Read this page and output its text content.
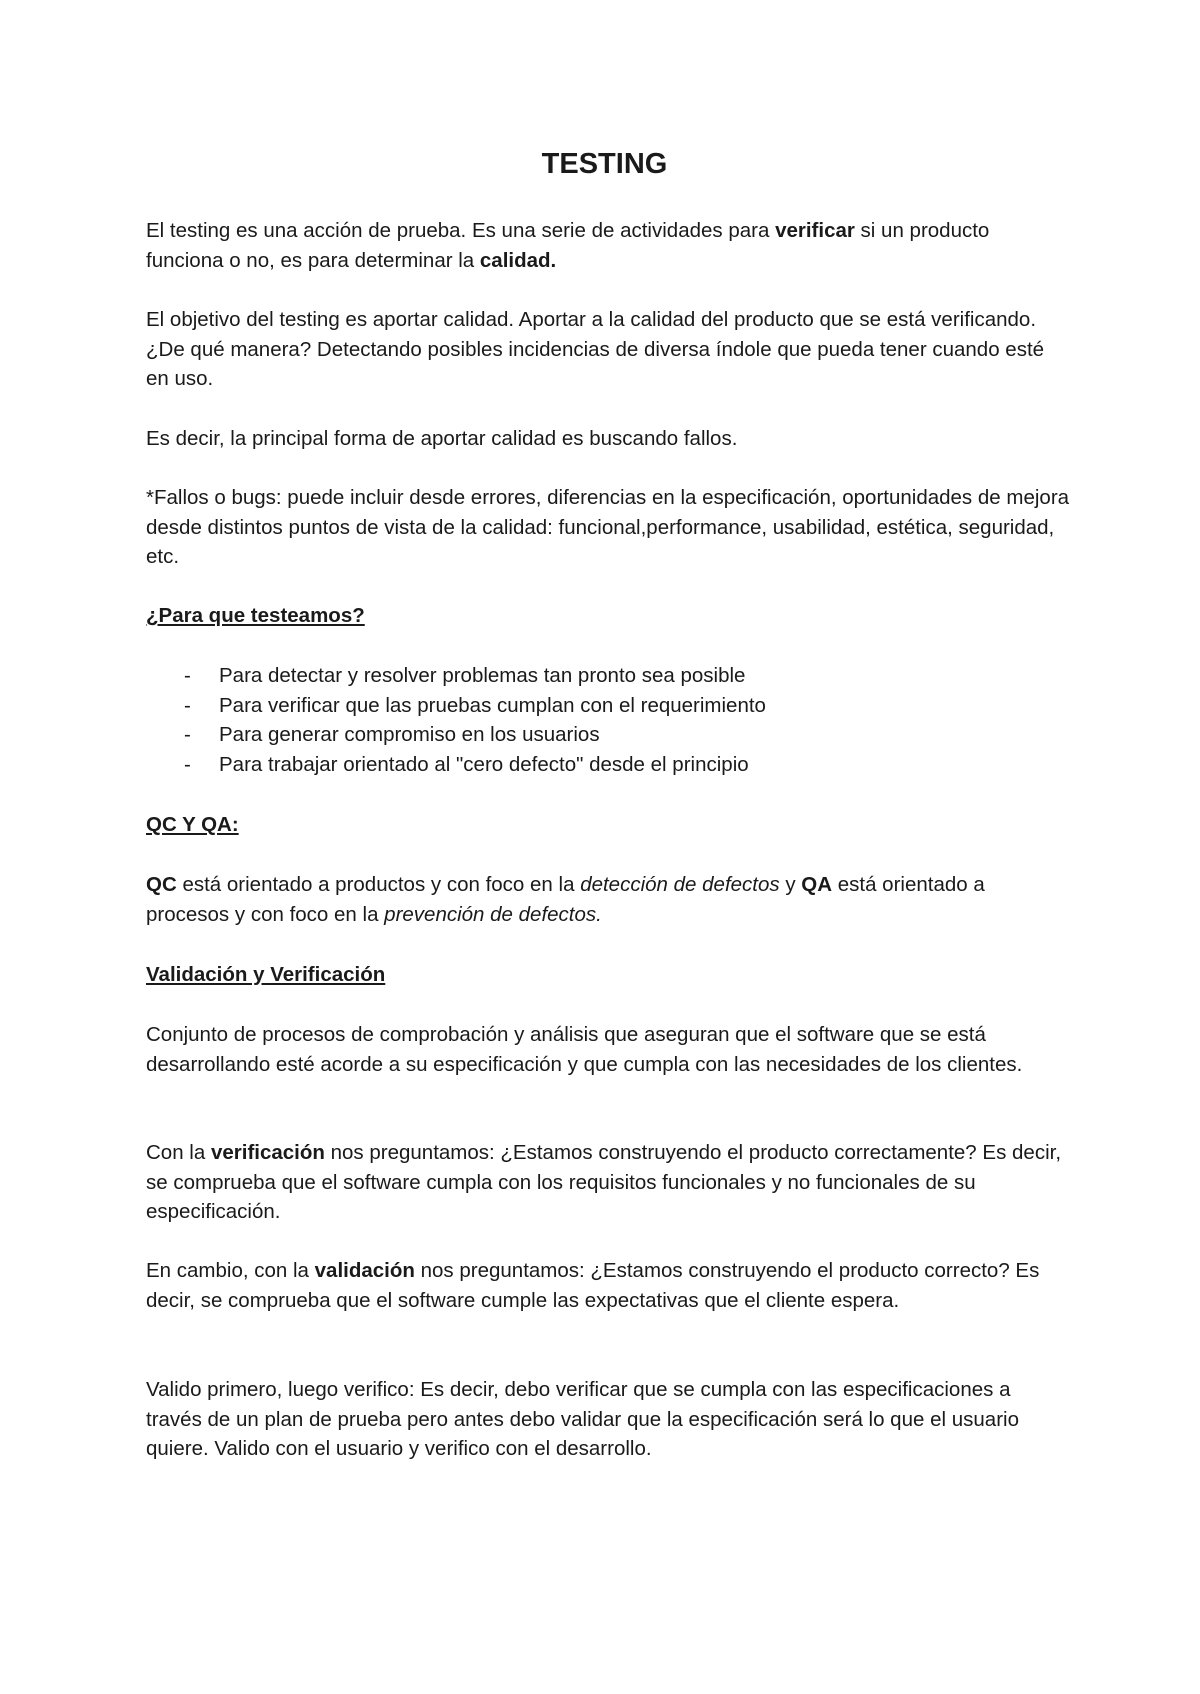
TESTING

El testing es una acción de prueba. Es una serie de actividades para verificar si un producto funciona o no, es para determinar la calidad.

El objetivo del testing es aportar calidad. Aportar a la calidad del producto que se está verificando. ¿De qué manera? Detectando posibles incidencias de diversa índole que pueda tener cuando esté en uso.

Es decir, la principal forma de aportar calidad es buscando fallos.

*Fallos o bugs: puede incluir desde errores, diferencias en la especificación, oportunidades de mejora desde distintos puntos de vista de la calidad: funcional,performance, usabilidad, estética, seguridad, etc.

¿Para que testeamos?
- Para detectar y resolver problemas tan pronto sea posible
- Para verificar que las pruebas cumplan con el requerimiento
- Para generar compromiso en los usuarios
- Para trabajar orientado al "cero defecto" desde el principio
QC Y QA:

QC está orientado a productos y con foco en la detección de defectos y QA está orientado a procesos y con foco en la prevención de defectos.

Validación y Verificación

Conjunto de procesos de comprobación y análisis que aseguran que el software que se está desarrollando esté acorde a su especificación y que cumpla con las necesidades de los clientes.

Con la verificación nos preguntamos: ¿Estamos construyendo el producto correctamente? Es decir, se comprueba que el software cumpla con los requisitos funcionales y no funcionales de su especificación.

En cambio, con la validación nos preguntamos: ¿Estamos construyendo el producto correcto? Es decir, se comprueba que el software cumple las expectativas que el cliente espera.

Valido primero, luego verifico: Es decir, debo verificar que se cumpla con las especificaciones a través de un plan de prueba pero antes debo validar que la especificación será lo que el usuario quiere. Valido con el usuario y verifico con el desarrollo.
